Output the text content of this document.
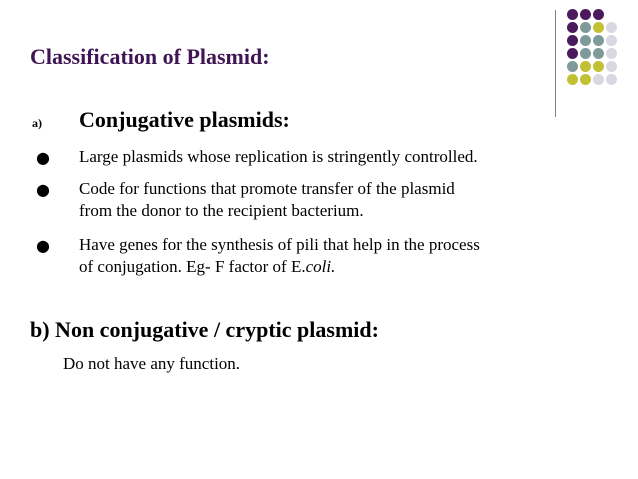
Classification of Plasmid:
a) Conjugative plasmids:
● Large plasmids whose replication is stringently controlled.
● Code for functions that promote transfer of the plasmid
from the donor to the recipient bacterium.
● Have genes for the synthesis of pili that help in the process
of conjugation. Eg- F factor of E.coli.
b) Non conjugative / cryptic plasmid:
Do not have any function.
